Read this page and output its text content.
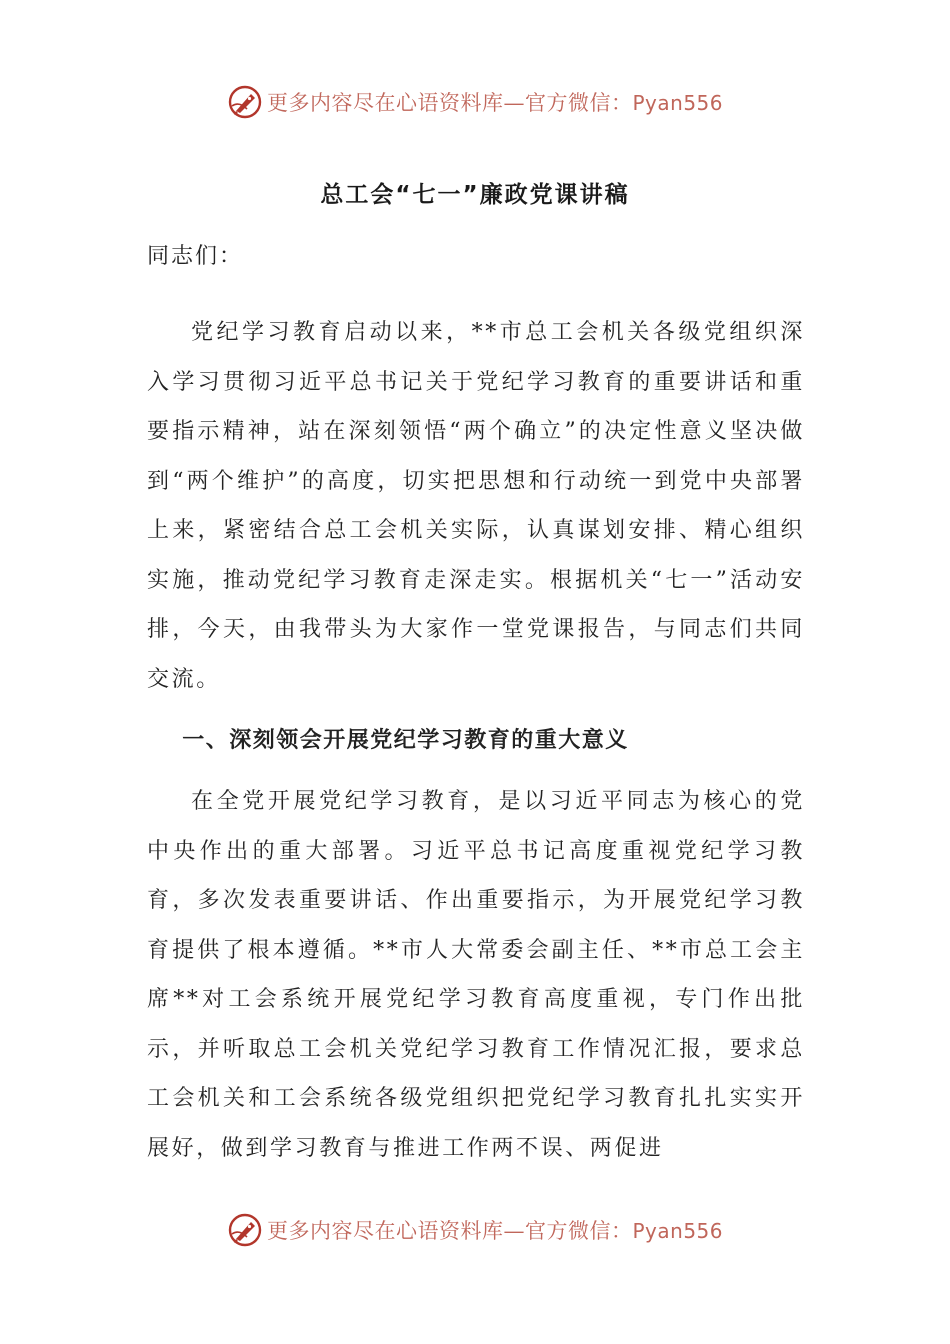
更多内容尽在心语资料库—官方微信：Pyan556
总工会“七一”廉政党课讲稿

同志们：

党纪学习教育启动以来，**市总工会机关各级党组织深入学习贯彻习近平总书记关于党纪学习教育的重要讲话和重要指示精神，站在深刻领悟“两个确立”的决定性意义坚决做到“两个维护”的高度，切实把思想和行动统一到党中央部署上来，紧密结合总工会机关实际，认真谋划安排、精心组织实施，推动党纪学习教育走深走实。根据机关“七一”活动安排，今天，由我带头为大家作一堂党课报告，与同志们共同交流。

一、深刻领会开展党纪学习教育的重大意义

在全党开展党纪学习教育，是以习近平同志为核心的党中央作出的重大部署。习近平总书记高度重视党纪学习教育，多次发表重要讲话、作出重要指示，为开展党纪学习教育提供了根本遵循。**市人大常委会副主任、**市总工会主席**对工会系统开展党纪学习教育高度重视，专门作出批示，并听取总工会机关党纪学习教育工作情况汇报，要求总工会机关和工会系统各级党组织把党纪学习教育扎扎实实开展好，做到学习教育与推进工作两不误、两促进

更多内容尽在心语资料库—官方微信：Pyan556
